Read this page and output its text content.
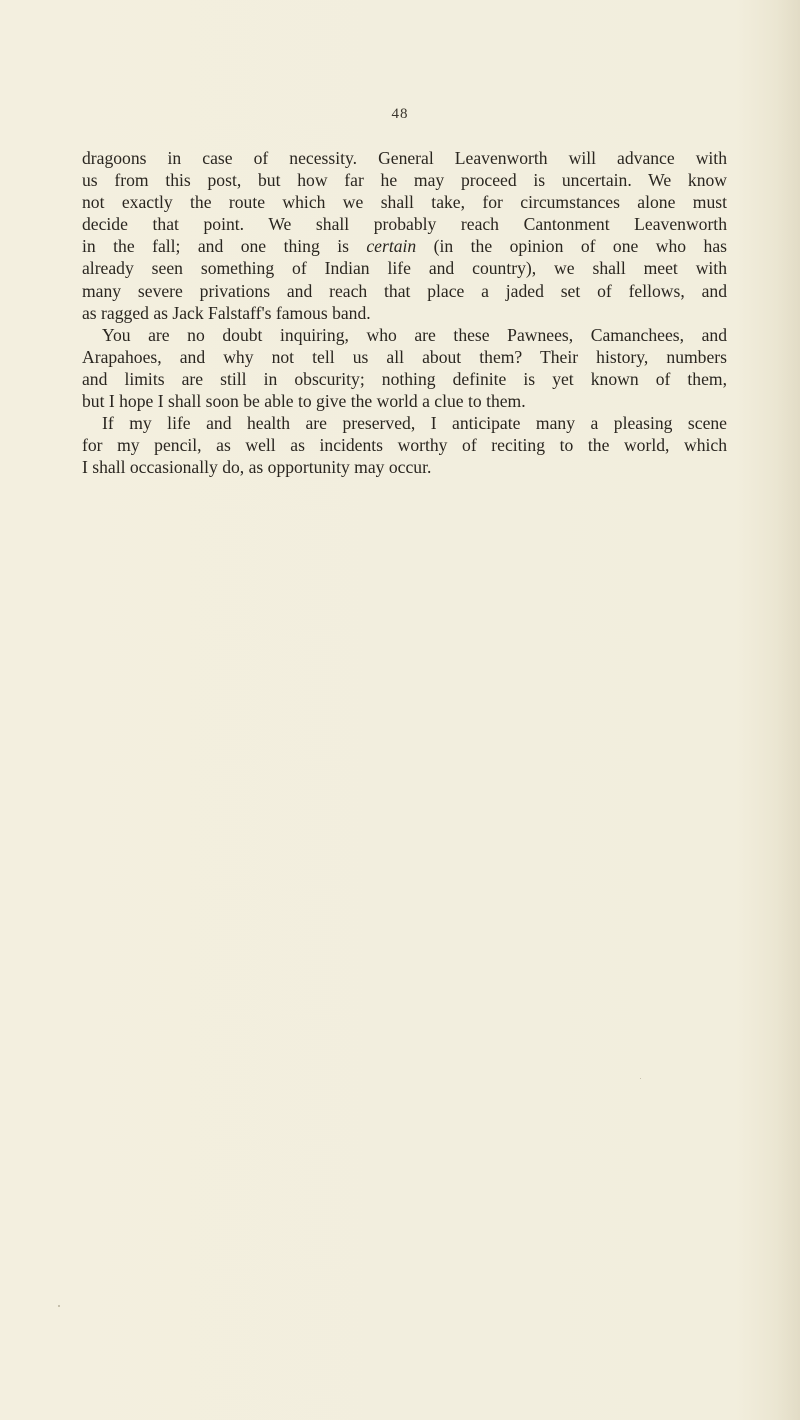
48
dragoons in case of necessity. General Leavenworth will advance with
us from this post, but how far he may proceed is uncertain. We know
not exactly the route which we shall take, for circumstances alone must
decide that point. We shall probably reach Cantonment Leavenworth
in the fall; and one thing is certain (in the opinion of one who has
already seen something of Indian life and country), we shall meet with
many severe privations and reach that place a jaded set of fellows, and
as ragged as Jack Falstaff's famous band.
You are no doubt inquiring, who are these Pawnees, Camanchees, and
Arapahoes, and why not tell us all about them? Their history, numbers
and limits are still in obscurity; nothing definite is yet known of them,
but I hope I shall soon be able to give the world a clue to them.
If my life and health are preserved, I anticipate many a pleasing scene
for my pencil, as well as incidents worthy of reciting to the world, which
I shall occasionally do, as opportunity may occur.
